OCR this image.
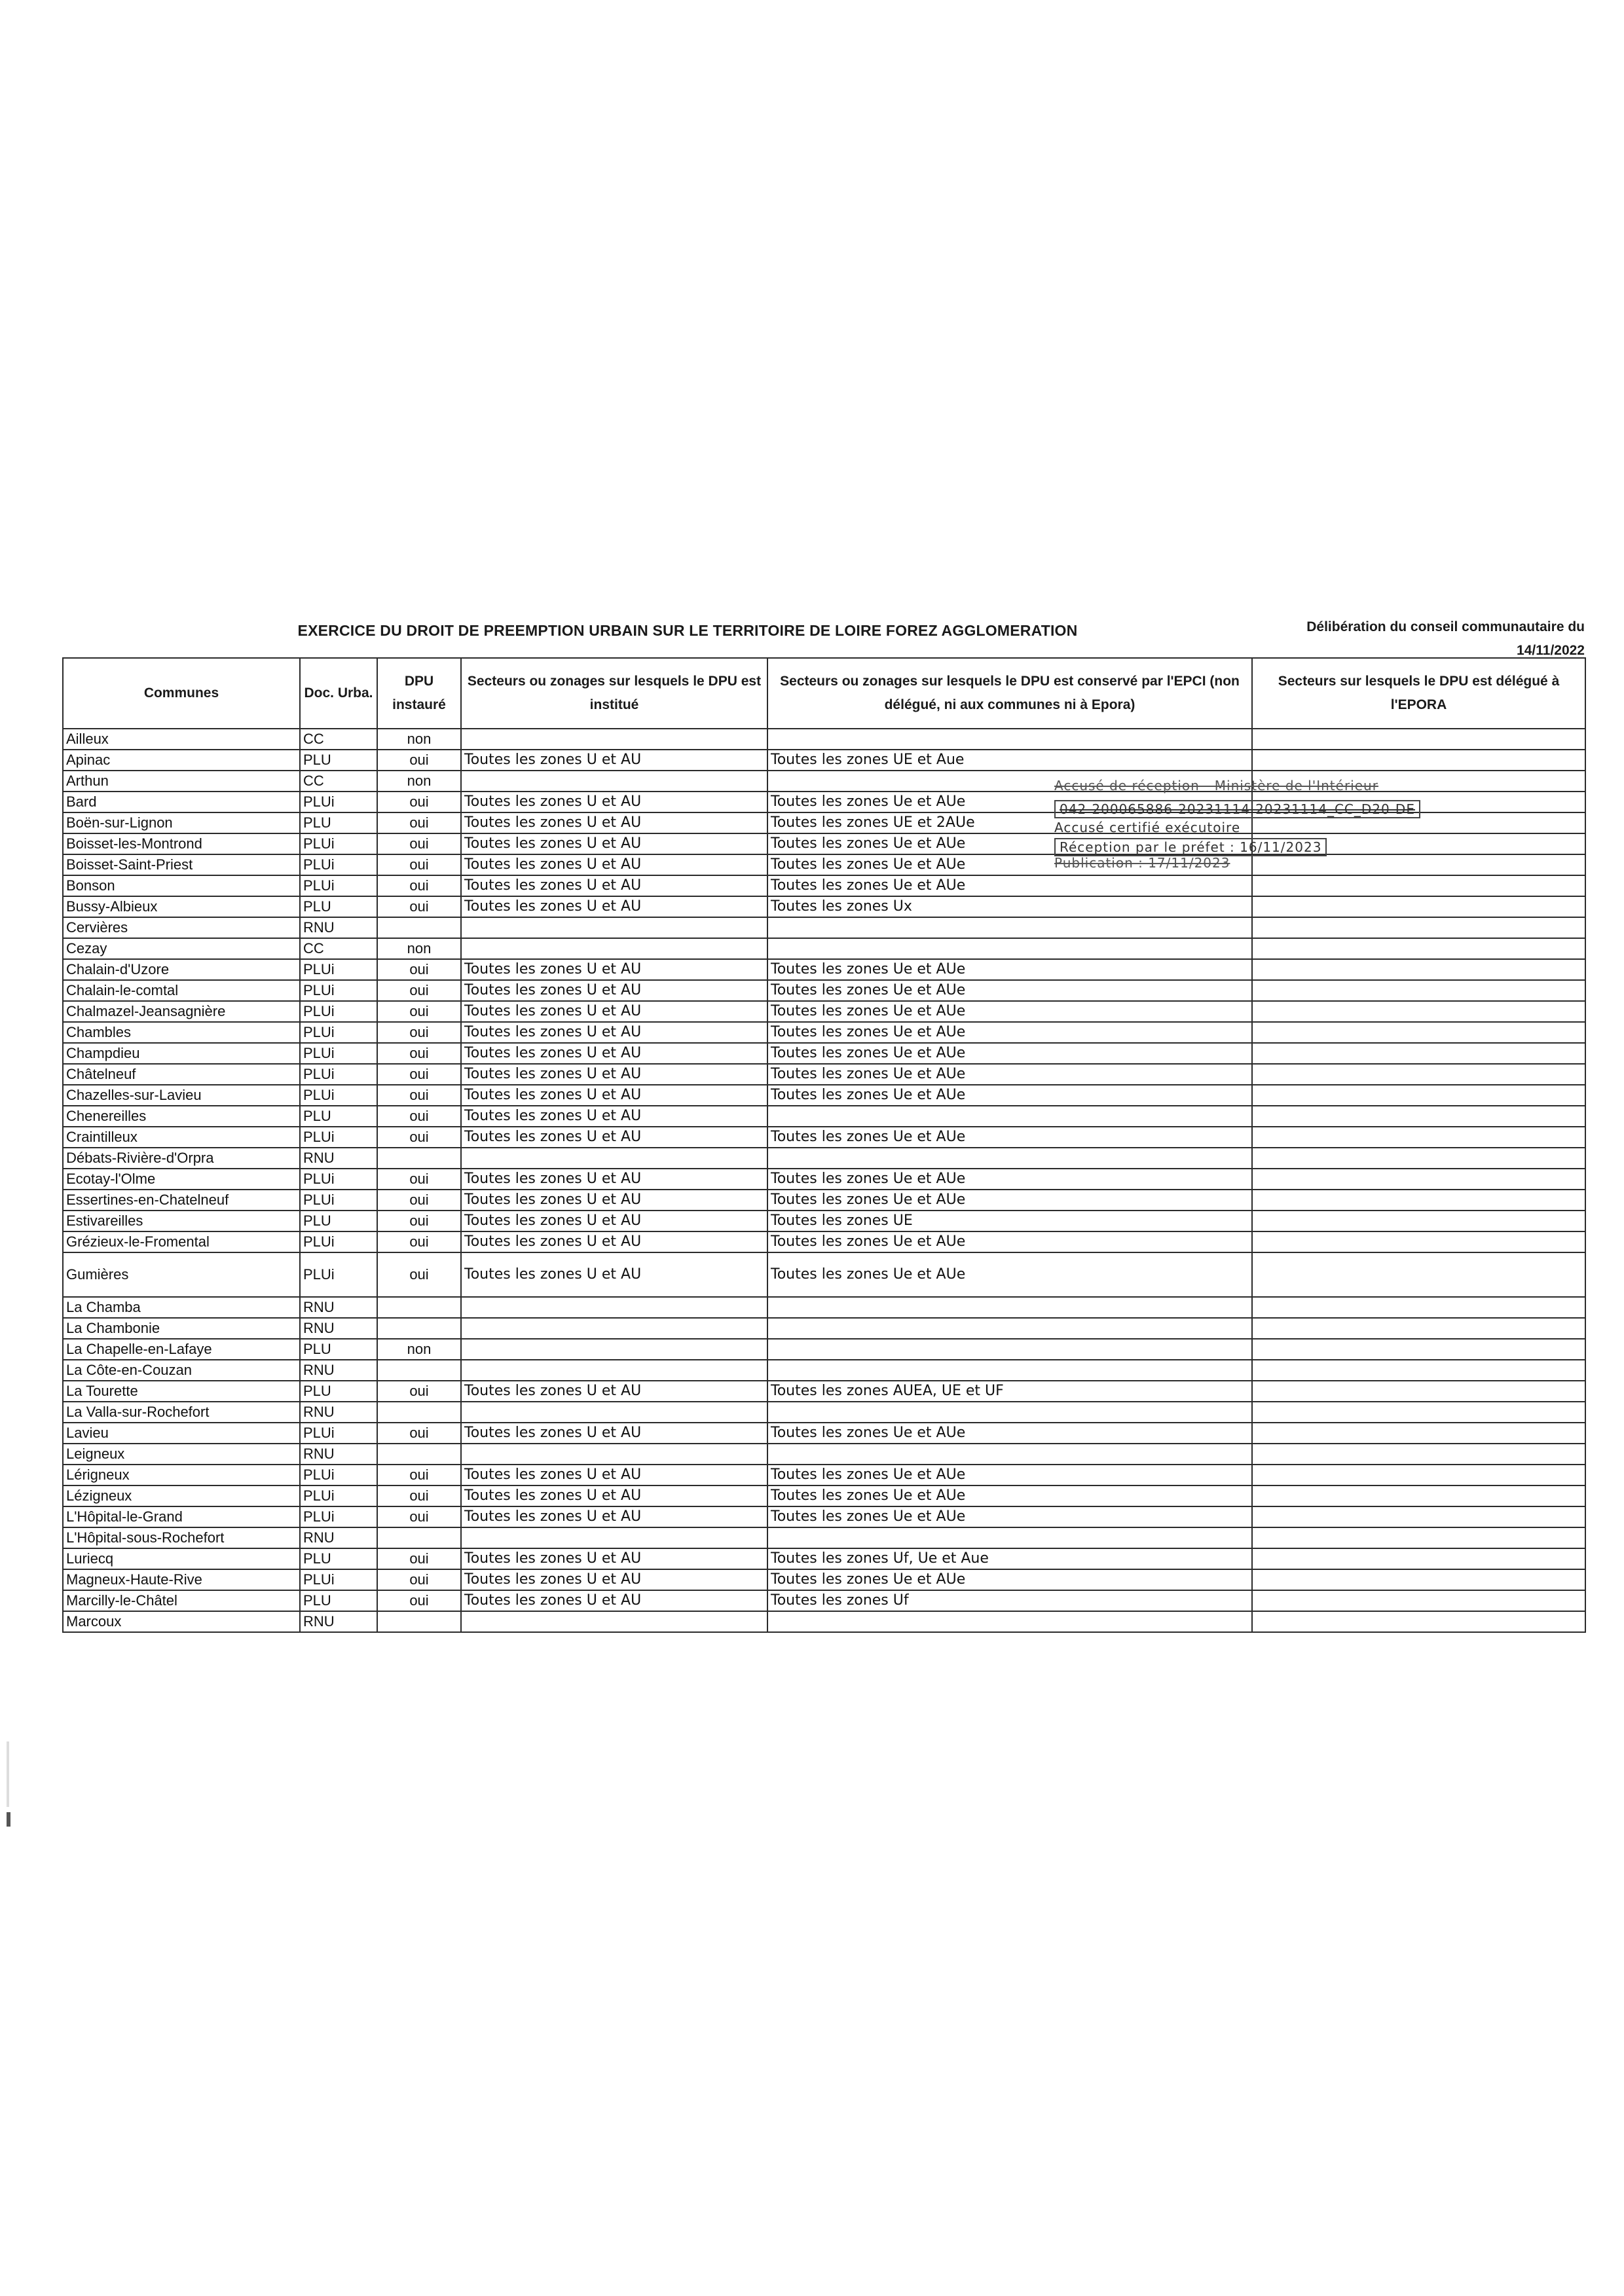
EXERCICE DU DROIT DE PREEMPTION URBAIN SUR LE TERRITOIRE DE LOIRE FOREZ AGGLOMERATION	Délibération du conseil communautaire du
14/11/2022
Communes	Doc. Urba.	DPU instauré	Secteurs ou zonages sur lesquels le DPU est institué	Secteurs ou zonages sur lesquels le DPU est conservé par l'EPCI (non délégué, ni aux communes ni à Epora)	Secteurs sur lesquels le DPU est délégué à l'EPORA
Ailleux	CC	non			
Apinac	PLU	oui	Toutes les zones U et AU	Toutes les zones UE et Aue	
Arthun	CC	non			
Bard	PLUi	oui	Toutes les zones U et AU	Toutes les zones Ue et AUe	
Boën-sur-Lignon	PLU	oui	Toutes les zones U et AU	Toutes les zones UE et 2AUe	
Boisset-les-Montrond	PLUi	oui	Toutes les zones U et AU	Toutes les zones Ue et AUe	
Boisset-Saint-Priest	PLUi	oui	Toutes les zones U et AU	Toutes les zones Ue et AUe	
Bonson	PLUi	oui	Toutes les zones U et AU	Toutes les zones Ue et AUe	
Bussy-Albieux	PLU	oui	Toutes les zones U et AU	Toutes les zones Ux	
Cervières	RNU				
Cezay	CC	non			
Chalain-d'Uzore	PLUi	oui	Toutes les zones U et AU	Toutes les zones Ue et AUe	
Chalain-le-comtal	PLUi	oui	Toutes les zones U et AU	Toutes les zones Ue et AUe	
Chalmazel-Jeansagnière	PLUi	oui	Toutes les zones U et AU	Toutes les zones Ue et AUe	
Chambles	PLUi	oui	Toutes les zones U et AU	Toutes les zones Ue et AUe	
Champdieu	PLUi	oui	Toutes les zones U et AU	Toutes les zones Ue et AUe	
Châtelneuf	PLUi	oui	Toutes les zones U et AU	Toutes les zones Ue et AUe	
Chazelles-sur-Lavieu	PLUi	oui	Toutes les zones U et AU	Toutes les zones Ue et AUe	
Chenereilles	PLU	oui	Toutes les zones U et AU		
Craintilleux	PLUi	oui	Toutes les zones U et AU	Toutes les zones Ue et AUe	
Débats-Rivière-d'Orpra	RNU				
Ecotay-l'Olme	PLUi	oui	Toutes les zones U et AU	Toutes les zones Ue et AUe	
Essertines-en-Chatelneuf	PLUi	oui	Toutes les zones U et AU	Toutes les zones Ue et AUe	
Estivareilles	PLU	oui	Toutes les zones U et AU	Toutes les zones UE	
Grézieux-le-Fromental	PLUi	oui	Toutes les zones U et AU	Toutes les zones Ue et AUe	
Gumières	PLUi	oui	Toutes les zones U et AU	Toutes les zones Ue et AUe	
La Chamba	RNU				
La Chambonie	RNU				
La Chapelle-en-Lafaye	PLU	non			
La Côte-en-Couzan	RNU				
La Tourette	PLU	oui	Toutes les zones U et AU	Toutes les zones AUEA, UE et UF	
La Valla-sur-Rochefort	RNU				
Lavieu	PLUi	oui	Toutes les zones U et AU	Toutes les zones Ue et AUe	
Leigneux	RNU				
Lérigneux	PLUi	oui	Toutes les zones U et AU	Toutes les zones Ue et AUe	
Lézigneux	PLUi	oui	Toutes les zones U et AU	Toutes les zones Ue et AUe	
L'Hôpital-le-Grand	PLUi	oui	Toutes les zones U et AU	Toutes les zones Ue et AUe	
L'Hôpital-sous-Rochefort	RNU				
Luriecq	PLU	oui	Toutes les zones U et AU	Toutes les zones Uf, Ue et Aue	
Magneux-Haute-Rive	PLUi	oui	Toutes les zones U et AU	Toutes les zones Ue et AUe	
Marcilly-le-Châtel	PLU	oui	Toutes les zones U et AU	Toutes les zones Uf	
Marcoux	RNU				
Accusé de réception - Ministère de l'Intérieur
042-200065886-20231114-20231114_CC_D20-DE
Accusé certifié exécutoire
Réception par le préfet : 16/11/2023
Publication : 17/11/2023
